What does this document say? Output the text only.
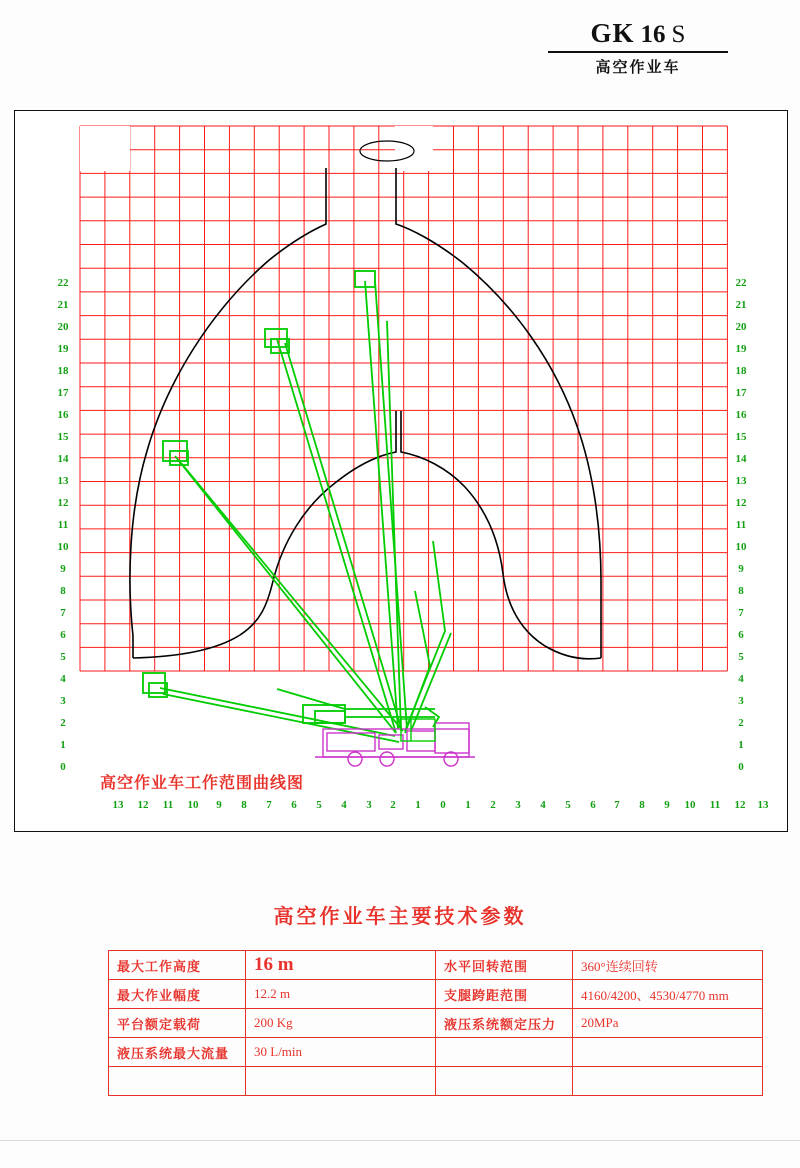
GK 16 S
高空作业车
22
21
20
19
18
17
16
15
14
13
12
11
10
9
8
7
6
5
4
3
2
1
0
22
21
20
19
18
17
16
15
14
13
12
11
10
9
8
7
6
5
4
3
2
1
0
13 12 11 10	9	8	7	6	5	4	3	2	1	0	1	2	3	4	5	6	7	8	9	10 11 12 13
高空作业车工作范围曲线图
高空作业车主要技术参数
最大工作高度	16 m	水平回转范围	360°连续回转
最大作业幅度	12.2 m	支腿跨距范围	4160/4200、4530/4770 mm
平台额定载荷	200 Kg	液压系统额定压力	20MPa
液压系统最大流量	30 L/min		
